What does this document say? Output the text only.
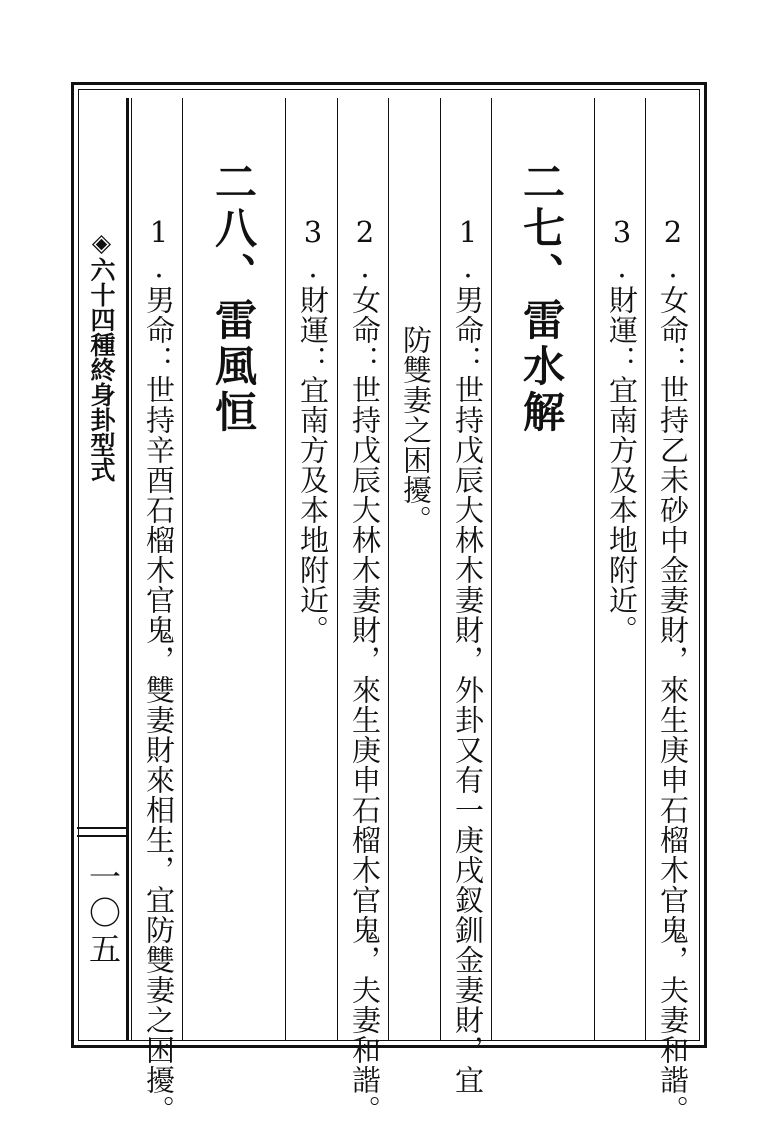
2.女命：世持乙未砂中金妻財，來生庚申石榴木官鬼，夫妻和諧。
3.財運：宜南方及本地附近。
二七、雷水解
1.男命：世持戊辰大林木妻財，外卦又有一庚戌釵釧金妻財，宜
防雙妻之困擾。
2.女命：世持戊辰大林木妻財，來生庚申石榴木官鬼，夫妻和諧。
3.財運：宜南方及本地附近。
二八、雷風恒
1.男命：世持辛酉石榴木官鬼，雙妻財來相生，宜防雙妻之困擾。
◈六十四種終身卦型式
一〇五
